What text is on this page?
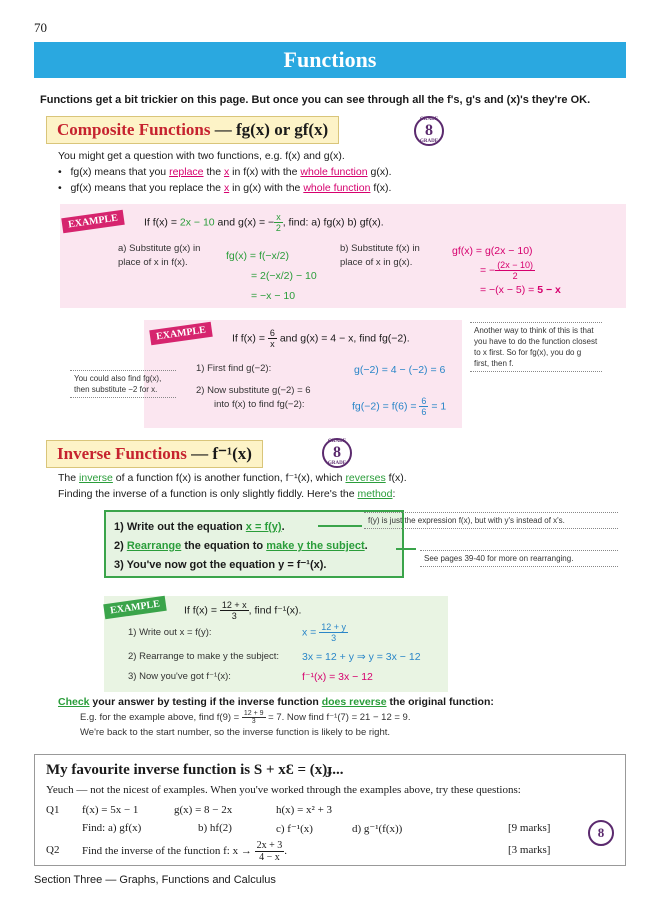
70
Functions
Functions get a bit trickier on this page. But once you can see through all the f's, g's and (x)'s they're OK.
Composite Functions — fg(x) or gf(x)
GRADE
8
GRADE
You might get a question with two functions, e.g. f(x) and g(x).
•   fg(x) means that you replace the x in f(x) with the whole function g(x).
•   gf(x) means that you replace the x in g(x) with the whole function f(x).
EXAMPLE	If f(x) = 2x − 10 and g(x) = − $\frac{x}{2}$ , find: a) fg(x) b) gf(x).
a) Substitute g(x) in place of x in f(x).
fg(x) = f(−x/2)
= 2(−x/2) − 10
= −x − 10
b) Substitute f(x) in place of x in g(x).
gf(x) = g(2x − 10)
= − $\frac{(2x - 10)}{2}$
= −(x − 5) = 5 − x
EXAMPLE	If $f(x) = \frac{6}{x}$ and g(x) = 4 − x, find fg(−2).
1) First find g(−2):	g(−2) = 4 − (−2) = 6
2) Now substitute g(−2) = 6
into f(x) to find fg(−2):	$fg(-2) = f(6) = \frac{6}{6} = 1$
You could also find fg(x), then substitute −2 for x.
Another way to think of this is that you have to do the function closest to x first. So for fg(x), you do g first, then f.
Inverse Functions — f⁻¹(x)
GRADE
8
GRADE
The inverse of a function f(x) is another function, f⁻¹(x), which reverses f(x).
Finding the inverse of a function is only slightly fiddly. Here's the method:
1) Write out the equation x = f(y).
2) Rearrange the equation to make y the subject.
3) You've now got the equation y = f⁻¹(x).
f(y) is just the expression f(x), but with y's instead of x's.
See pages 39-40 for more on rearranging.
EXAMPLE	If $f(x) = \frac{12 + x}{3}$ , find f⁻¹(x).
1) Write out x = f(y):	$x = \frac{12 + y}{3}$
2) Rearrange to make y the subject: 3x = 12 + y ⇒ y = 3x − 12
3) Now you've got f⁻¹(x):	f⁻¹(x) = 3x − 12
Check your answer by testing if the inverse function does reverse the original function:
E.g. for the example above, find $f(9) = \frac{12 + 9}{3} = 7$. Now find f⁻¹(7) = 21 − 12 = 9.
We're back to the start number, so the inverse function is likely to be right.
My favourite inverse function is S + xƐ = (x)ɟ...
Yeuch — not the nicest of examples. When you've worked through the examples above, try these questions:
Q1 f(x) = 5x − 1	g(x) = 8 − 2x	h(x) = x² + 3
Find: a) gf(x)	b) hf(2)	c) f⁻¹(x)	d) g⁻¹(f(x))	[9 marks]	8
Q2 Find the inverse of the function f: $x \to \frac{2x + 3}{4 - x}$ .	[3 marks]
Section Three — Graphs, Functions and Calculus
